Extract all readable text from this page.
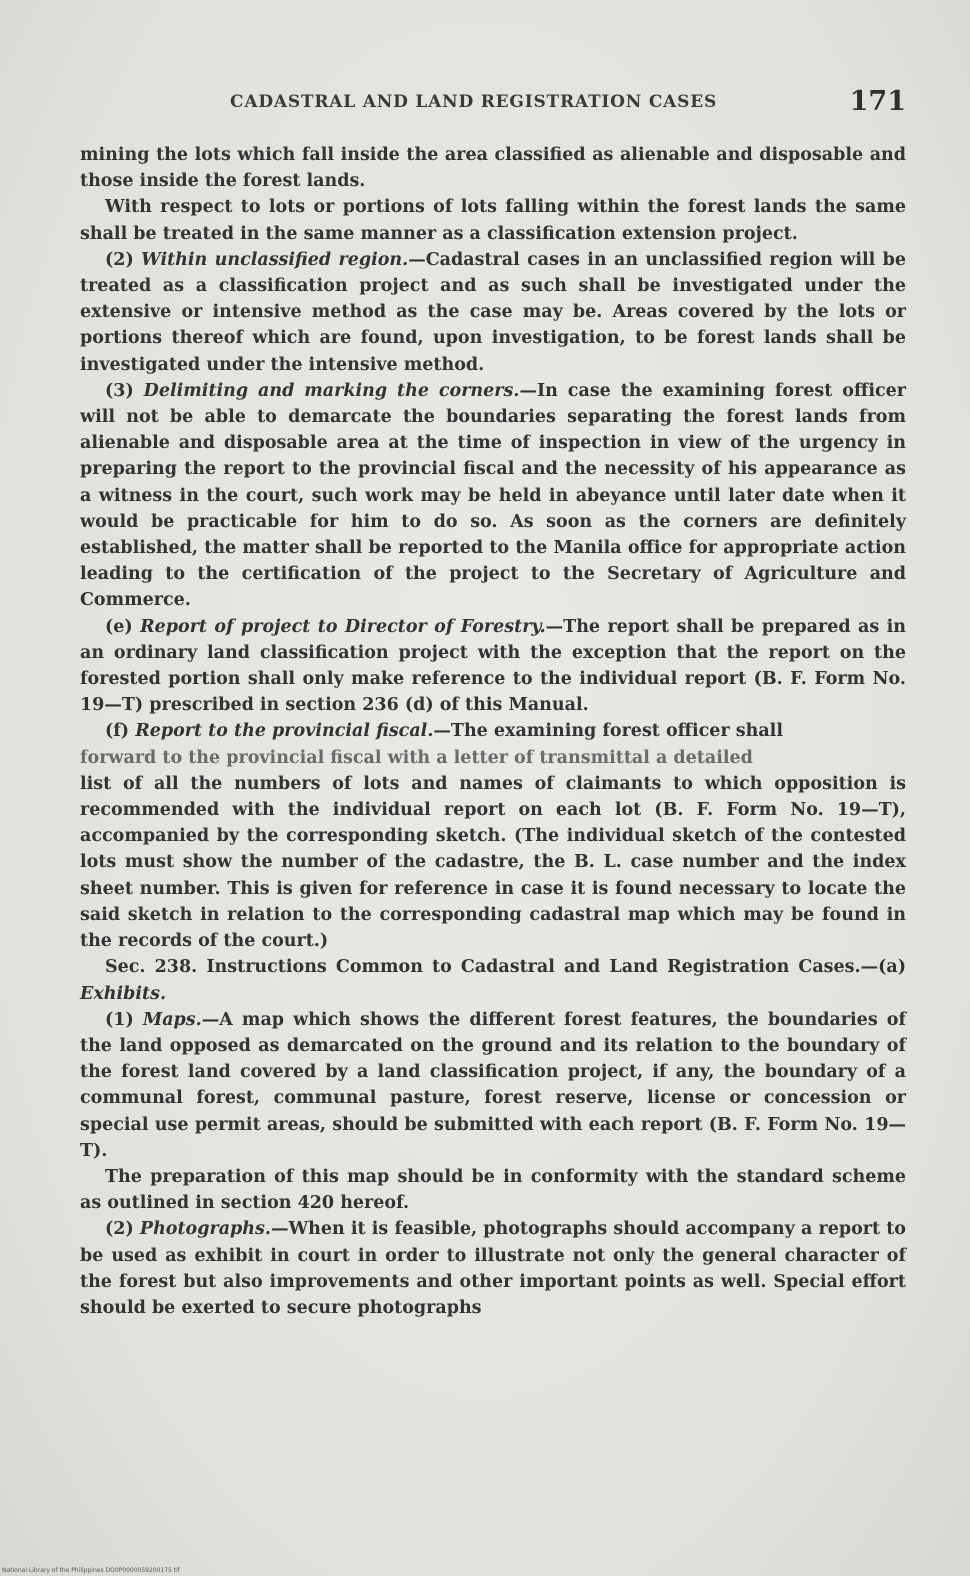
CADASTRAL AND LAND REGISTRATION CASES	171

mining the lots which fall inside the area classified as alienable and disposable and those inside the forest lands.

With respect to lots or portions of lots falling within the forest lands the same shall be treated in the same manner as a classification extension project.

(2) Within unclassified region.—Cadastral cases in an unclassified region will be treated as a classification project and as such shall be investigated under the extensive or intensive method as the case may be. Areas covered by the lots or portions thereof which are found, upon investigation, to be forest lands shall be investigated under the intensive method.

(3) Delimiting and marking the corners.—In case the examining forest officer will not be able to demarcate the boundaries separating the forest lands from alienable and disposable area at the time of inspection in view of the urgency in preparing the report to the provincial fiscal and the necessity of his appearance as a witness in the court, such work may be held in abeyance until later date when it would be practicable for him to do so. As soon as the corners are definitely established, the matter shall be reported to the Manila office for appropriate action leading to the certification of the project to the Secretary of Agriculture and Commerce.

(e) Report of project to Director of Forestry.—The report shall be prepared as in an ordinary land classification project with the exception that the report on the forested portion shall only make reference to the individual report (B. F. Form No. 19—T) prescribed in section 236 (d) of this Manual.

(f) Report to the provincial fiscal.—The examining forest officer shall

forward to the provincial fiscal with a letter of transmittal a detailed

list of all the numbers of lots and names of claimants to which opposition is recommended with the individual report on each lot (B. F. Form No. 19—T), accompanied by the corresponding sketch. (The individual sketch of the contested lots must show the number of the cadastre, the B. L. case number and the index sheet number. This is given for reference in case it is found necessary to locate the said sketch in relation to the corresponding cadastral map which may be found in the records of the court.)

Sec. 238. Instructions Common to Cadastral and Land Registration Cases.—(a) Exhibits.

(1) Maps.—A map which shows the different forest features, the boundaries of the land opposed as demarcated on the ground and its relation to the boundary of the forest land covered by a land classification project, if any, the boundary of a communal forest, communal pasture, forest reserve, license or concession or special use permit areas, should be submitted with each report (B. F. Form No. 19—T).

The preparation of this map should be in conformity with the standard scheme as outlined in section 420 hereof.

(2) Photographs.—When it is feasible, photographs should accompany a report to be used as exhibit in court in order to illustrate not only the general character of the forest but also improvements and other important points as well. Special effort should be exerted to secure photographs

National Library of the Philippines DO0P0000059200175.tif
